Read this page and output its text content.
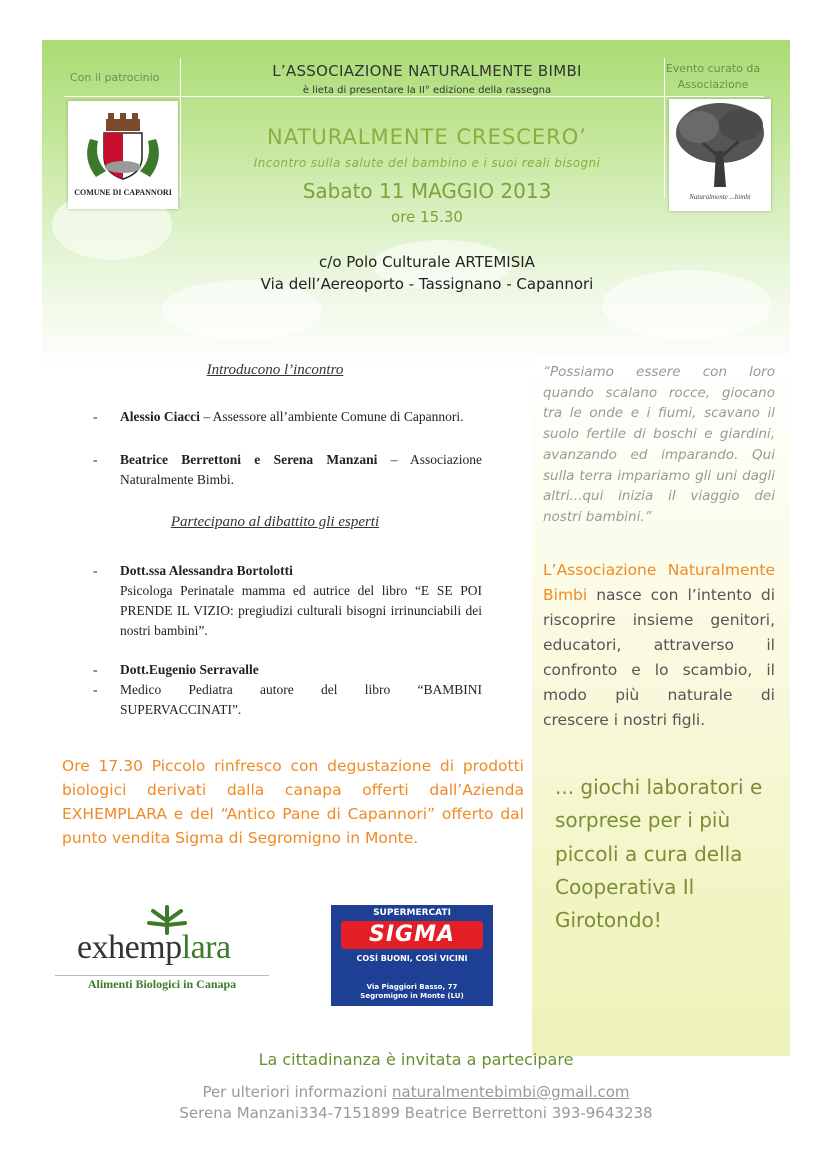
Con il patrocinio
Evento curato da Associazione
L’ASSOCIAZIONE NATURALMENTE BIMBI
è lieta di presentare la II° edizione della rassegna
NATURALMENTE CRESCERO’
Incontro sulla salute del bambino e i suoi reali bisogni
Sabato 11 MAGGIO 2013
ore 15.30
c/o Polo Culturale ARTEMISIA
Via dell’Aereoporto - Tassignano - Capannori
COMUNE DI CAPANNORI	Naturalmente ...bimbi
Introducono l’incontro
- Alessio Ciacci – Assessore all’ambiente Comune di Capannori.
- Beatrice Berrettoni e Serena Manzani – Associazione Naturalmente Bimbi.
Partecipano al dibattito gli esperti
- Dott.ssa Alessandra Bortolotti
Psicologa Perinatale mamma ed autrice del libro “E SE POI PRENDE IL VIZIO: pregiudizi culturali bisogni irrinunciabili dei nostri bambini”.
- Dott.Eugenio Serravalle
- Medico Pediatra autore del libro “BAMBINI SUPERVACCINATI”.
Ore 17.30 Piccolo rinfresco con degustazione di prodotti biologici derivati dalla canapa offerti dall’Azienda EXHEMPLARA e del “Antico Pane di Capannori” offerto dal punto vendita Sigma di Segromigno in Monte.
“Possiamo essere con loro quando scalano rocce, giocano tra le onde e i fiumi, scavano il suolo fertile di boschi e giardini, avanzando ed imparando. Qui sulla terra impariamo gli uni dagli altri...qui inizia il viaggio dei nostri bambini.”
L’Associazione Naturalmente Bimbi nasce con l’intento di riscoprire insieme genitori, educatori, attraverso il confronto e lo scambio, il modo più naturale di crescere i nostri figli.
... giochi laboratori e sorprese per i più piccoli a cura della Cooperativa Il Girotondo!
exhemplara
Alimenti Biologici in Canapa
SUPERMERCATI
SIGMA
COSÍ BUONI, COSÍ VICINI
Via Piaggiori Basso, 77
Segromigno in Monte (LU)
La cittadinanza è invitata a partecipare
Per ulteriori informazioni naturalmentebimbi@gmail.com
Serena Manzani334-7151899 Beatrice Berrettoni 393-9643238
